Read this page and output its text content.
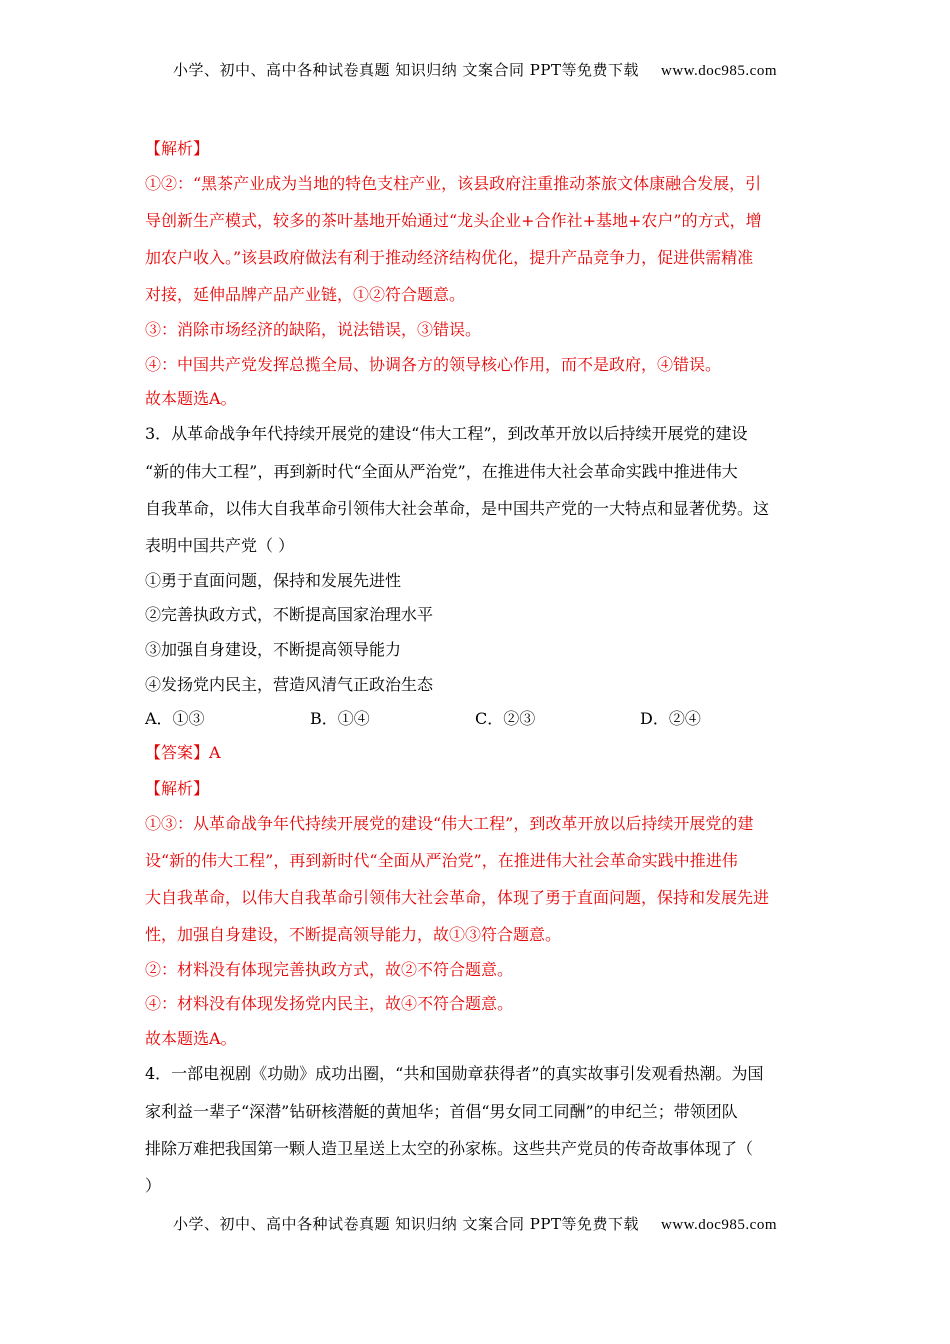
小学、初中、高中各种试卷真题 知识归纳 文案合同 PPT等免费下载 www.doc985.com
【解析】
①②：“黑茶产业成为当地的特色支柱产业，该县政府注重推动茶旅文体康融合发展，引
导创新生产模式，较多的茶叶基地开始通过“龙头企业+合作社+基地+农户”的方式，增
加农户收入。”该县政府做法有利于推动经济结构优化，提升产品竞争力，促进供需精准
对接，延伸品牌产品产业链，①②符合题意。
③：消除市场经济的缺陷，说法错误，③错误。
④：中国共产党发挥总揽全局、协调各方的领导核心作用，而不是政府，④错误。
故本题选A。
3．从革命战争年代持续开展党的建设“伟大工程”，到改革开放以后持续开展党的建设
“新的伟大工程”，再到新时代“全面从严治党”，在推进伟大社会革命实践中推进伟大
自我革命，以伟大自我革命引领伟大社会革命，是中国共产党的一大特点和显著优势。这
表明中国共产党（ ）
①勇于直面问题，保持和发展先进性
②完善执政方式，不断提高国家治理水平
③加强自身建设，不断提高领导能力
④发扬党内民主，营造风清气正政治生态
A．①③	B．①④	C．②③	D．②④
【答案】A
【解析】
①③：从革命战争年代持续开展党的建设“伟大工程”，到改革开放以后持续开展党的建
设“新的伟大工程”，再到新时代“全面从严治党”，在推进伟大社会革命实践中推进伟
大自我革命，以伟大自我革命引领伟大社会革命，体现了勇于直面问题，保持和发展先进
性，加强自身建设，不断提高领导能力，故①③符合题意。
②：材料没有体现完善执政方式，故②不符合题意。
④：材料没有体现发扬党内民主，故④不符合题意。
故本题选A。
4．一部电视剧《功勋》成功出圈，“共和国勋章获得者”的真实故事引发观看热潮。为国
家利益一辈子“深潜”钻研核潜艇的黄旭华；首倡“男女同工同酬”的申纪兰；带领团队
排除万难把我国第一颗人造卫星送上太空的孙家栋。这些共产党员的传奇故事体现了（
）
小学、初中、高中各种试卷真题 知识归纳 文案合同 PPT等免费下载 www.doc985.com
